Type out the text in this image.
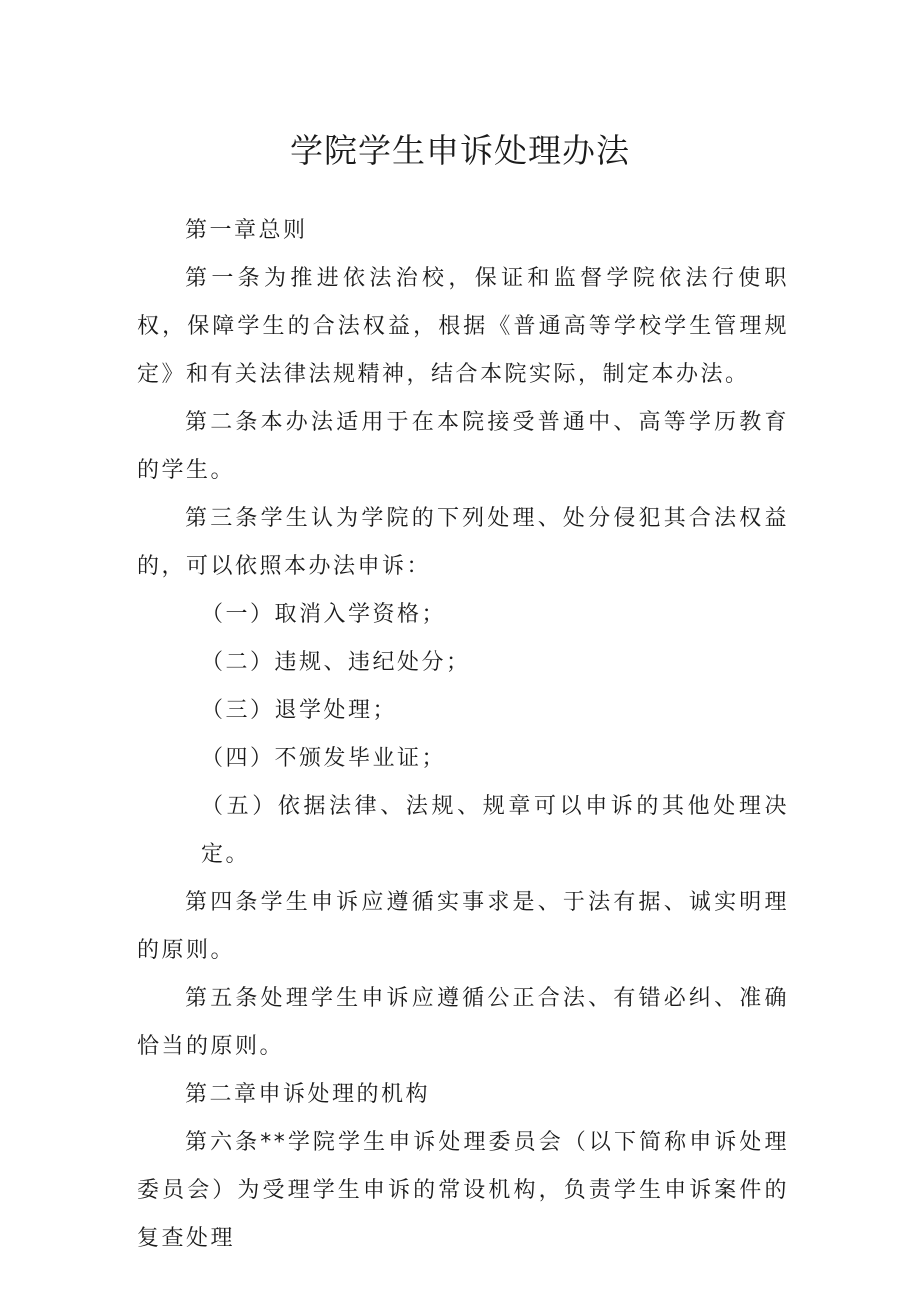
学院学生申诉处理办法

第一章总则

第一条为推进依法治校，保证和监督学院依法行使职权，保障学生的合法权益，根据《普通高等学校学生管理规定》和有关法律法规精神，结合本院实际，制定本办法。

第二条本办法适用于在本院接受普通中、高等学历教育的学生。

第三条学生认为学院的下列处理、处分侵犯其合法权益的，可以依照本办法申诉：

（一）取消入学资格；

（二）违规、违纪处分；

（三）退学处理；

（四）不颁发毕业证；

（五）依据法律、法规、规章可以申诉的其他处理决定。

第四条学生申诉应遵循实事求是、于法有据、诚实明理的原则。

第五条处理学生申诉应遵循公正合法、有错必纠、准确恰当的原则。

第二章申诉处理的机构

第六条**学院学生申诉处理委员会（以下简称申诉处理委员会）为受理学生申诉的常设机构，负责学生申诉案件的复查处理
